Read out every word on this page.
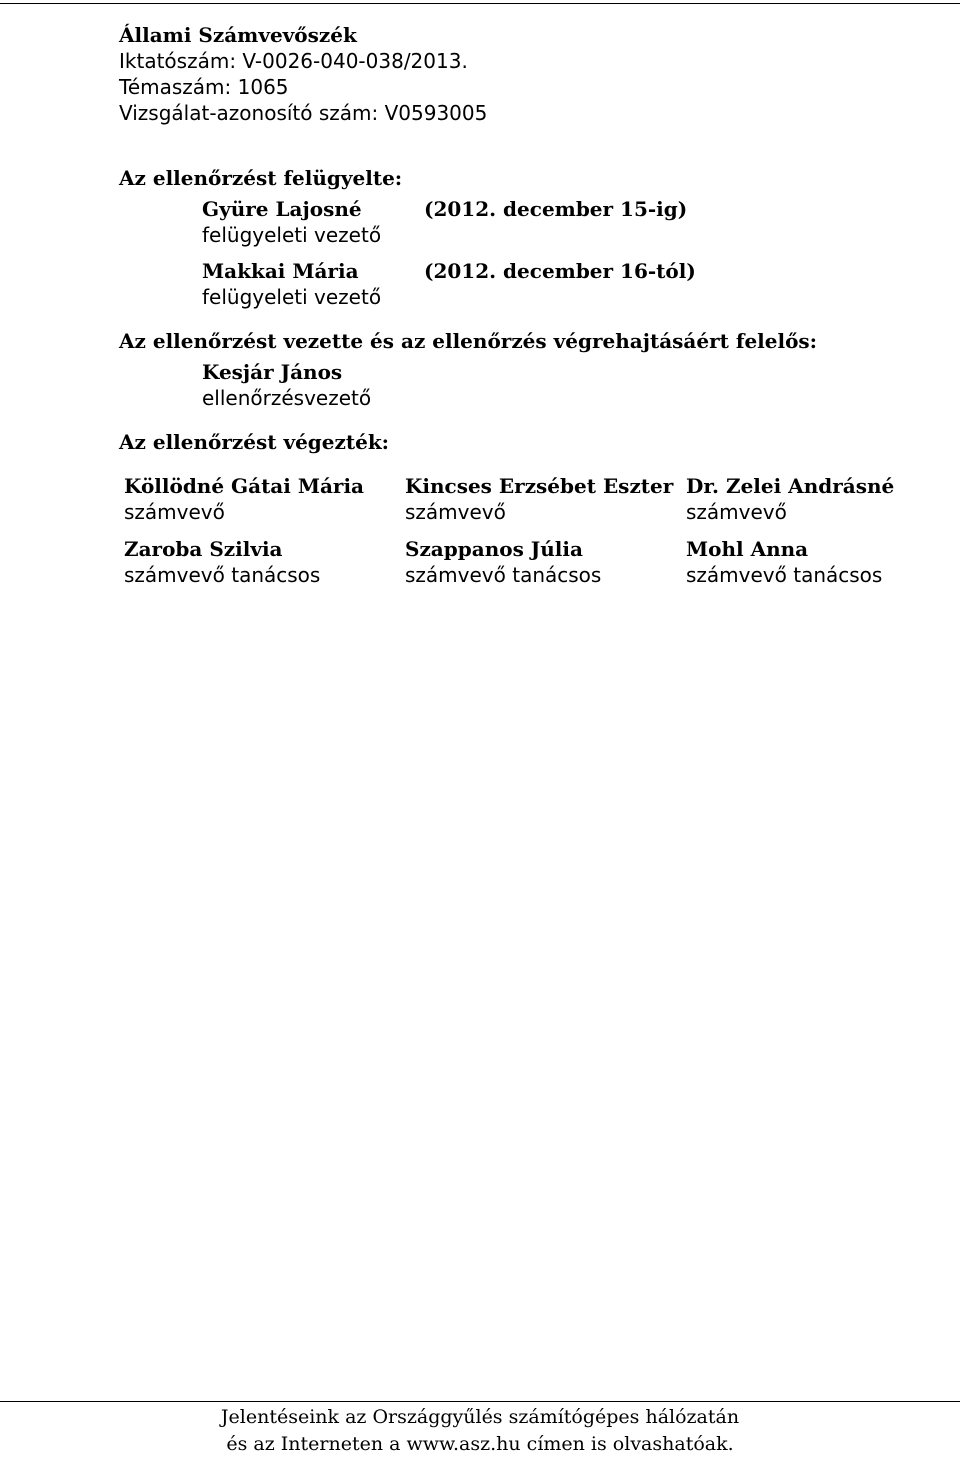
Állami Számvevőszék
Iktatószám: V-0026-040-038/2013.
Témaszám: 1065
Vizsgálat-azonosító szám: V0593005
Az ellenőrzést felügyelte:
Gyüre Lajosné	(2012. december 15-ig)
felügyeleti vezető
Makkai Mária	(2012. december 16-tól)
felügyeleti vezető
Az ellenőrzést vezette és az ellenőrzés végrehajtásáért felelős:
Kesjár János
ellenőrzésvezető
Az ellenőrzést végezték:
Köllödné Gátai Mária
számvevő
Kincses Erzsébet Eszter
számvevő
Dr. Zelei Andrásné
számvevő
Zaroba Szilvia
számvevő tanácsos
Szappanos Júlia
számvevő tanácsos
Mohl Anna
számvevő tanácsos
Jelentéseink az Országgyűlés számítógépes hálózatán
és az Interneten a www.asz.hu címen is olvashatóak.
